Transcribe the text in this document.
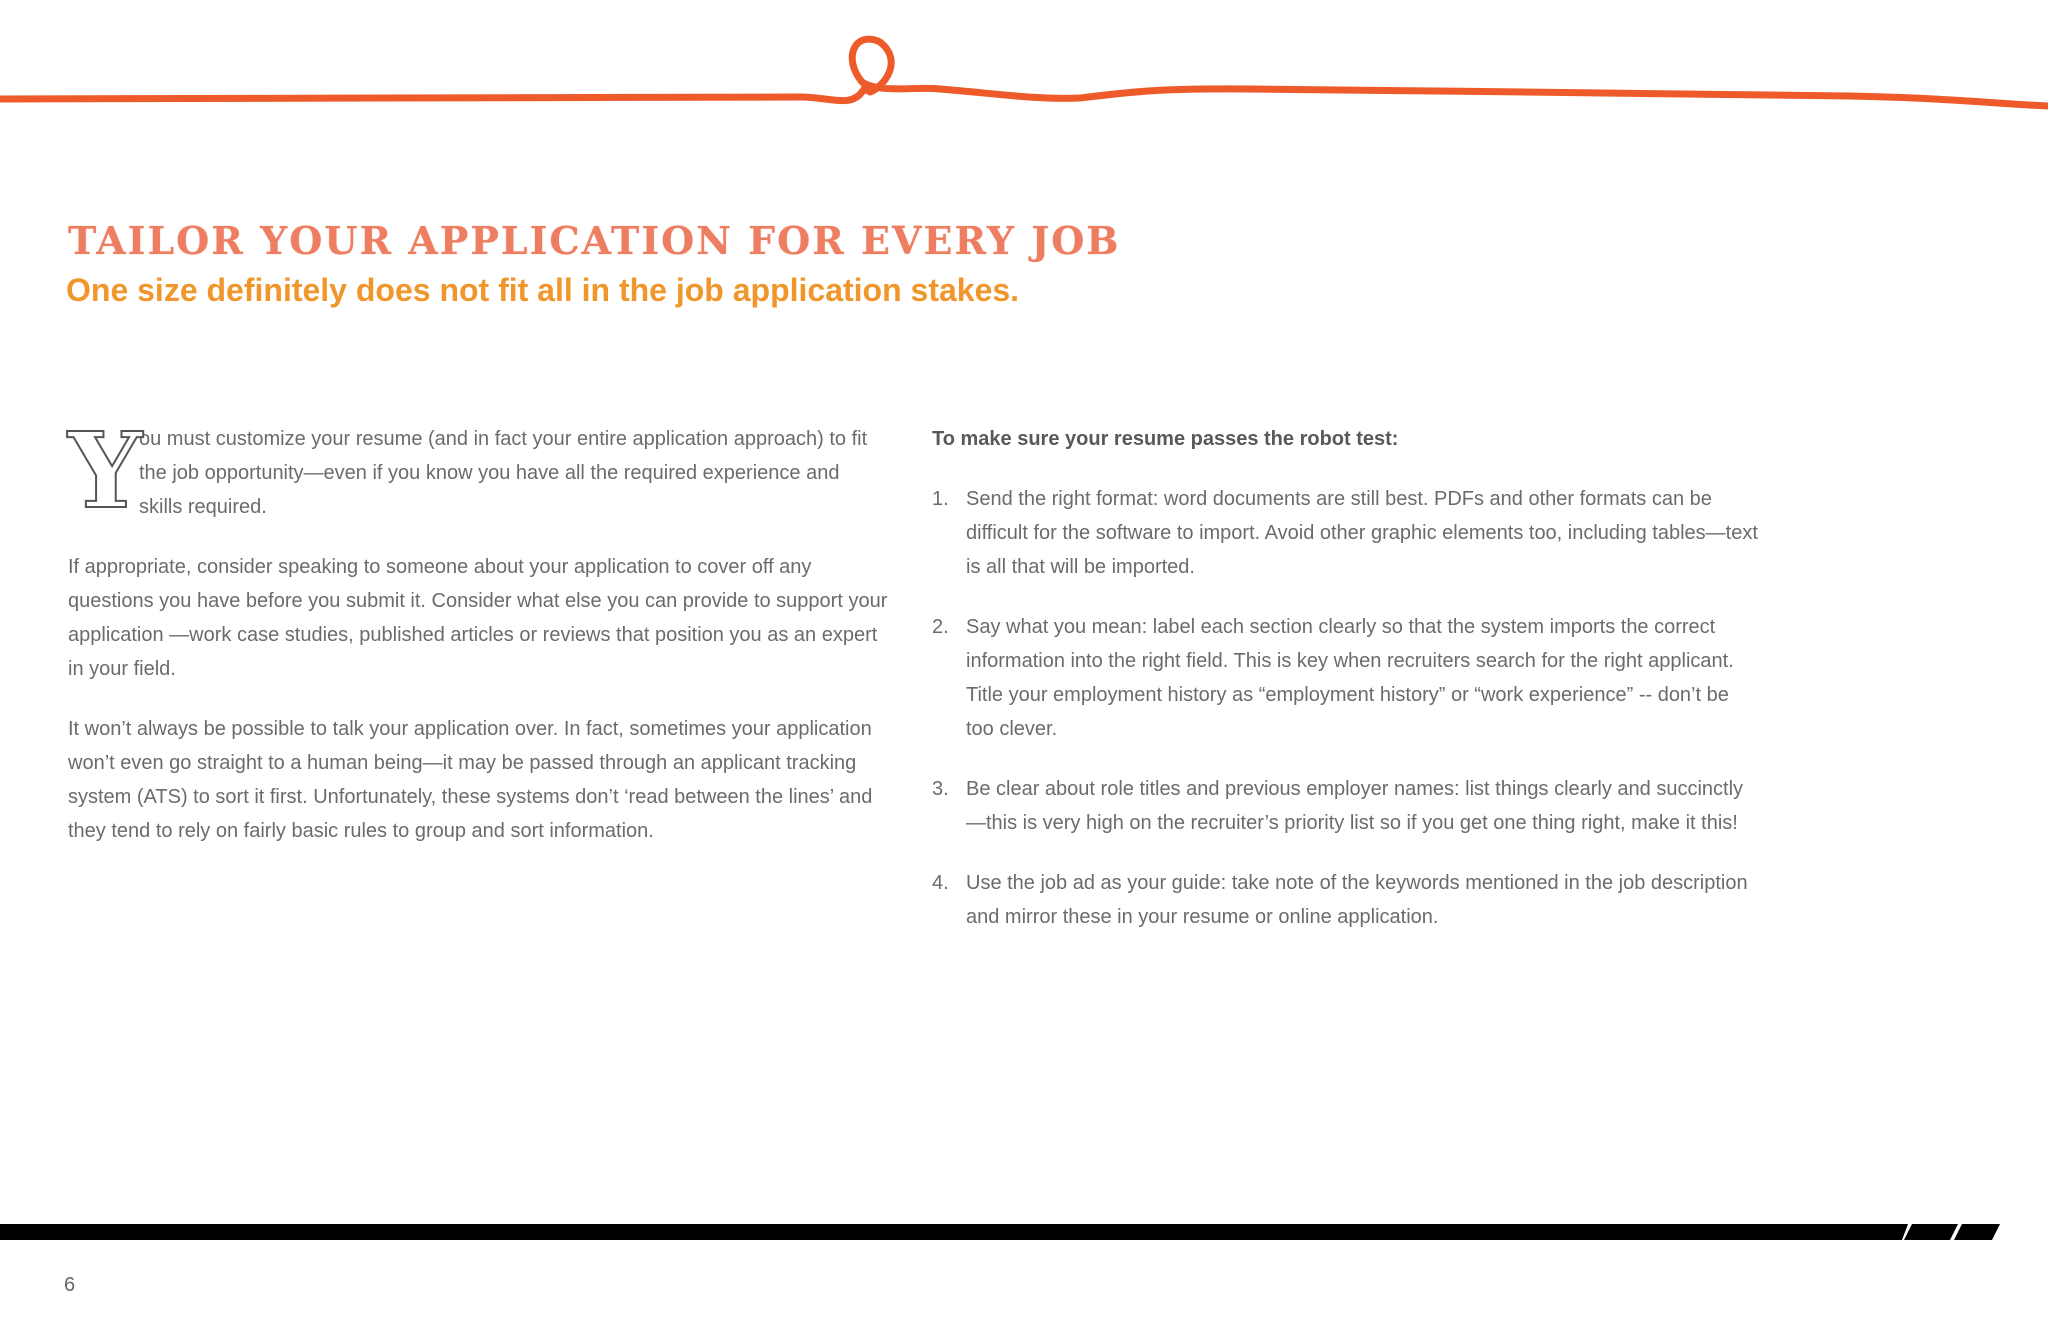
TAILOR YOUR APPLICATION FOR EVERY JOB
One size definitely does not fit all in the job application stakes.
Y

ou must customize your resume (and in fact your entire application approach) to fit the job opportunity—even if you know you have all the required experience and skills required.

If appropriate, consider speaking to someone about your application to cover off any questions you have before you submit it. Consider what else you can provide to support your application —work case studies, published articles or reviews that position you as an expert in your field.

It won’t always be possible to talk your application over. In fact, sometimes your application won’t even go straight to a human being—it may be passed through an applicant tracking system (ATS) to sort it first. Unfortunately, these systems don’t ‘read between the lines’ and they tend to rely on fairly basic rules to group and sort information.

To make sure your resume passes the robot test:

1. Send the right format: word documents are still best. PDFs and other formats can be difficult for the software to import. Avoid other graphic elements too, including tables—text is all that will be imported.

2. Say what you mean: label each section clearly so that the system imports the correct information into the right field. This is key when recruiters search for the right applicant. Title your employment history as “employment history” or “work experience” -- don’t be too clever.

3. Be clear about role titles and previous employer names: list things clearly and succinctly—this is very high on the recruiter’s priority list so if you get one thing right, make it this!

4. Use the job ad as your guide: take note of the keywords mentioned in the job description and mirror these in your resume or online application.

6
